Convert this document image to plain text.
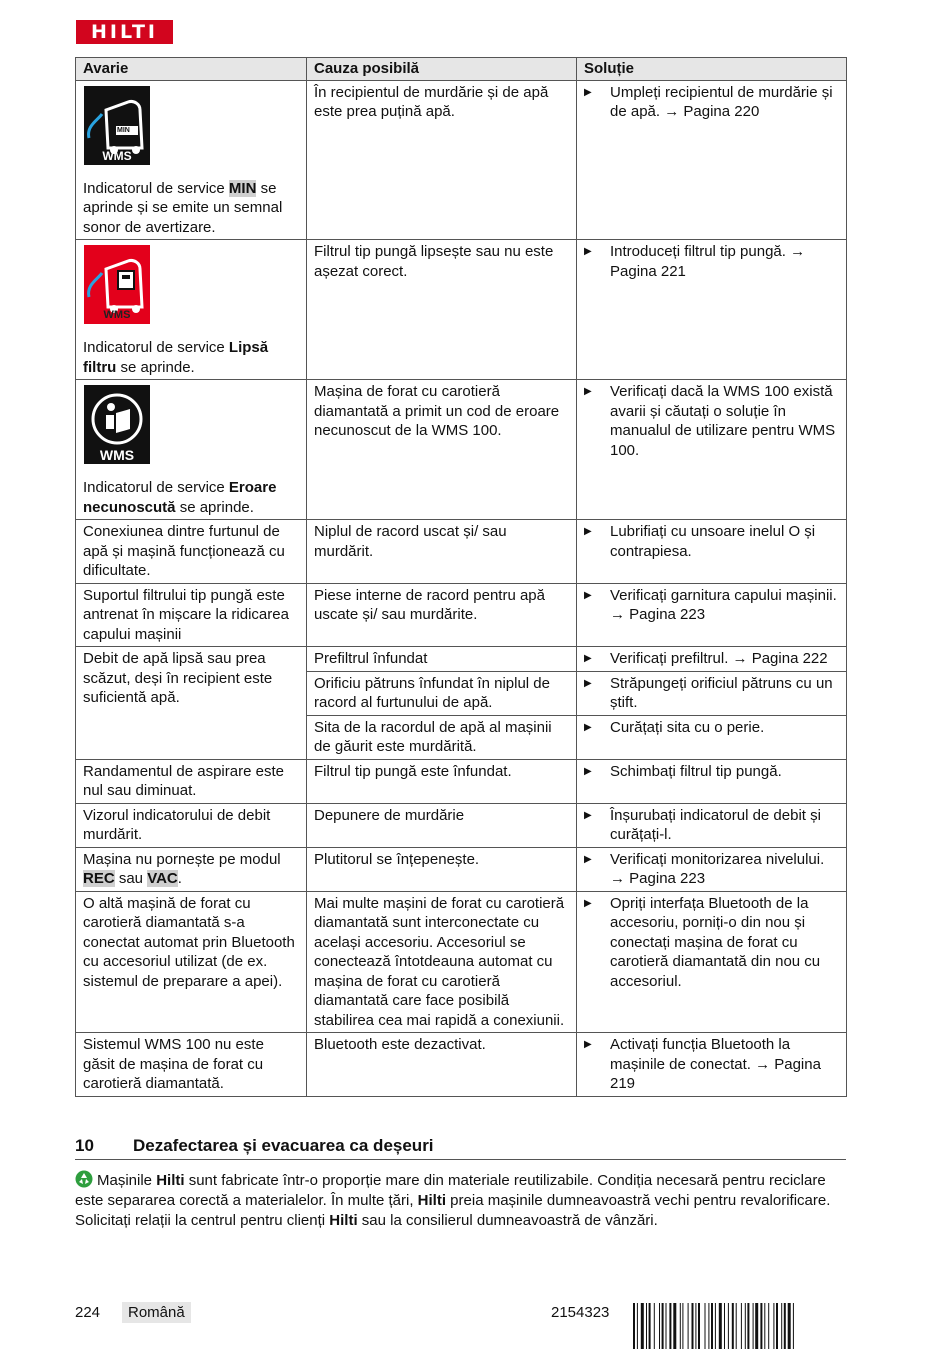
HILTI
Avarie	Cauza posibilă	Soluție

MIN
WMS
Indicatorul de service MIN se aprinde și se emite un semnal sonor de avertizare.	În recipientul de murdărie și de apă este prea puțină apă.	▶ Umpleți recipientul de murdărie și de apă. → Pagina 220

WMS
Indicatorul de service Lipsă filtru se aprinde.	Filtrul tip pungă lipsește sau nu este așezat corect.	▶ Introduceți filtrul tip pungă. → Pagina 221

WMS
Indicatorul de service Eroare necunoscută se aprinde.	Mașina de forat cu carotieră diamantată a primit un cod de eroare necunoscut de la WMS 100.	▶ Verificați dacă la WMS 100 există avarii și căutați o soluție în manualul de utilizare pentru WMS 100.

Conexiunea dintre furtunul de apă și mașină funcționează cu dificultate.	Niplul de racord uscat și/ sau murdărit.	▶ Lubrifiați cu unsoare inelul O și contrapiesa.

Suportul filtrului tip pungă este antrenat în mișcare la ridicarea capului mașinii	Piese interne de racord pentru apă uscate și/ sau murdărite.	▶ Verificați garnitura capului mașinii. → Pagina 223

Debit de apă lipsă sau prea scăzut, deși în recipient este suficientă apă.	Prefiltrul înfundat	▶ Verificați prefiltrul. → Pagina 222

	Orificiu pătruns înfundat în niplul de racord al furtunului de apă.	▶ Străpungeți orificiul pătruns cu un știft.

	Sita de la racordul de apă al mașinii de găurit este murdărită.	▶ Curățați sita cu o perie.

Randamentul de aspirare este nul sau diminuat.	Filtrul tip pungă este înfundat.	▶ Schimbați filtrul tip pungă.

Vizorul indicatorului de debit murdărit.	Depunere de murdărie	▶ Înșurubați indicatorul de debit și curățați-l.

Mașina nu pornește pe modul REC sau VAC.	Plutitorul se înțepenește.	▶ Verificați monitorizarea nivelului. → Pagina 223

O altă mașină de forat cu carotieră diamantată s-a conectat automat prin Bluetooth cu accesoriul utilizat (de ex. sistemul de preparare a apei).	Mai multe mașini de forat cu carotieră diamantată sunt interconectate cu același accesoriu. Accesoriul se conectează întotdeauna automat cu mașina de forat cu carotieră diamantată care face posibilă stabilirea cea mai rapidă a conexiunii.	▶ Opriți interfața Bluetooth de la accesoriu, porniți-o din nou și conectați mașina de forat cu carotieră diamantată din nou cu accesoriul.

Sistemul WMS 100 nu este găsit de mașina de forat cu carotieră diamantată.	Bluetooth este dezactivat.	▶ Activați funcția Bluetooth la mașinile de conectat. → Pagina 219
10 Dezafectarea și evacuarea ca deșeuri
Mașinile Hilti sunt fabricate într-o proporție mare din materiale reutilizabile. Condiția necesară pentru reciclare este separarea corectă a materialelor. În multe țări, Hilti preia mașinile dumneavoastră vechi pentru revalorificare. Solicitați relații la centrul pentru clienți Hilti sau la consilierul dumneavoastră de vânzări.
224	Română	2154323
